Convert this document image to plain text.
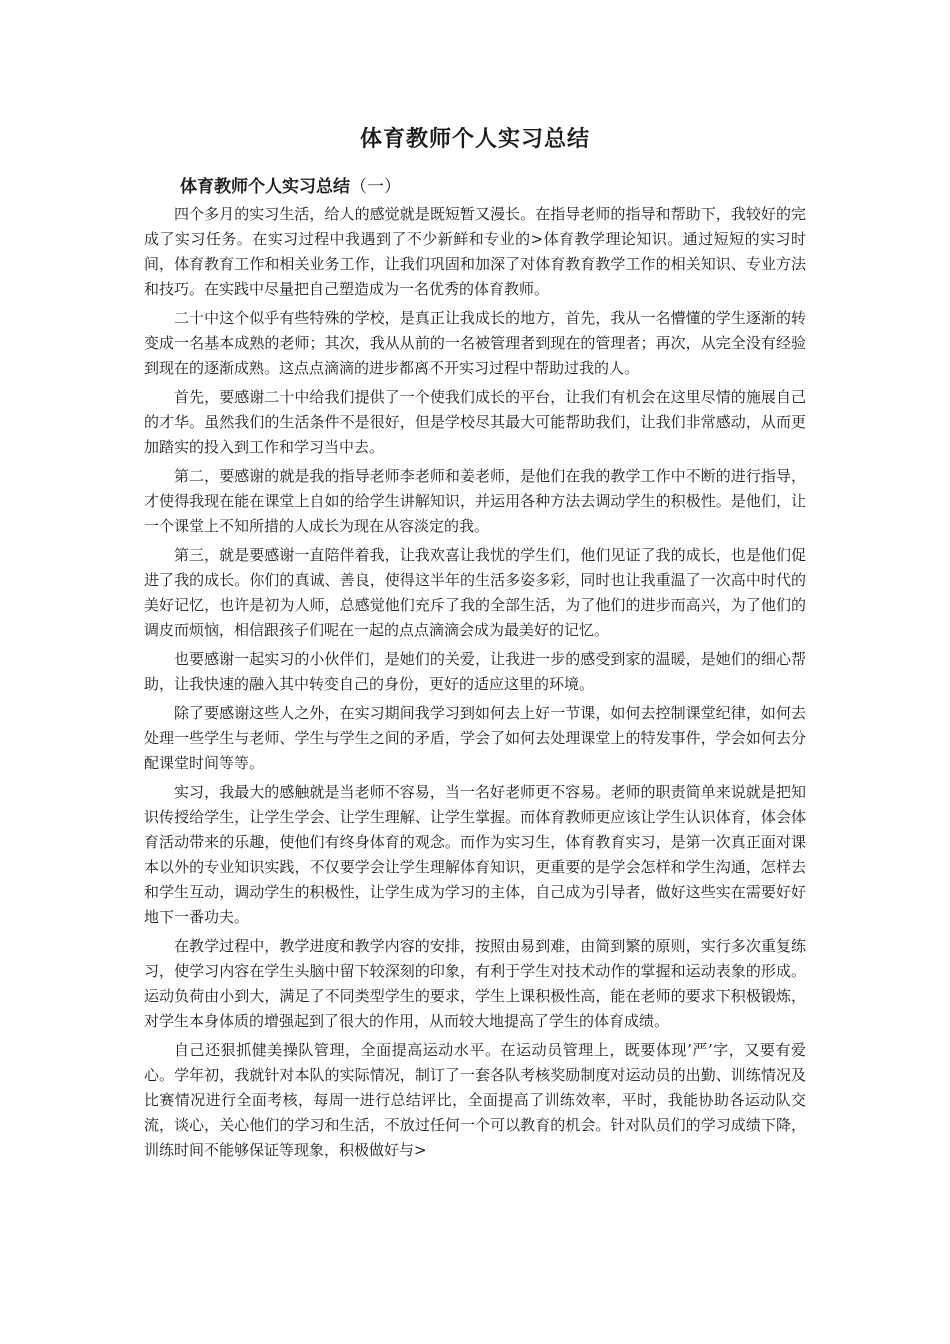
体育教师个人实习总结
体育教师个人实习总结（一）

四个多月的实习生活，给人的感觉就是既短暂又漫长。在指导老师的指导和帮助下，我较好的完成了实习任务。在实习过程中我遇到了不少新鲜和专业的>体育教学理论知识。通过短短的实习时间，体育教育工作和相关业务工作，让我们巩固和加深了对体育教育教学工作的相关知识、专业方法和技巧。在实践中尽量把自己塑造成为一名优秀的体育教师。

二十中这个似乎有些特殊的学校，是真正让我成长的地方，首先，我从一名懵懂的学生逐渐的转变成一名基本成熟的老师；其次，我从从前的一名被管理者到现在的管理者；再次，从完全没有经验到现在的逐渐成熟。这点点滴滴的进步都离不开实习过程中帮助过我的人。

首先，要感谢二十中给我们提供了一个使我们成长的平台，让我们有机会在这里尽情的施展自己的才华。虽然我们的生活条件不是很好，但是学校尽其最大可能帮助我们，让我们非常感动，从而更加踏实的投入到工作和学习当中去。

第二，要感谢的就是我的指导老师李老师和姜老师，是他们在我的教学工作中不断的进行指导，才使得我现在能在课堂上自如的给学生讲解知识，并运用各种方法去调动学生的积极性。是他们，让一个课堂上不知所措的人成长为现在从容淡定的我。

第三，就是要感谢一直陪伴着我，让我欢喜让我忧的学生们，他们见证了我的成长，也是他们促进了我的成长。你们的真诚、善良，使得这半年的生活多姿多彩，同时也让我重温了一次高中时代的美好记忆，也许是初为人师，总感觉他们充斥了我的全部生活，为了他们的进步而高兴，为了他们的调皮而烦恼，相信跟孩子们呢在一起的点点滴滴会成为最美好的记忆。

也要感谢一起实习的小伙伴们，是她们的关爱，让我进一步的感受到家的温暖，是她们的细心帮助，让我快速的融入其中转变自己的身份，更好的适应这里的环境。

除了要感谢这些人之外，在实习期间我学习到如何去上好一节课，如何去控制课堂纪律，如何去处理一些学生与老师、学生与学生之间的矛盾，学会了如何去处理课堂上的特发事件，学会如何去分配课堂时间等等。

实习，我最大的感触就是当老师不容易，当一名好老师更不容易。老师的职责简单来说就是把知识传授给学生，让学生学会、让学生理解、让学生掌握。而体育教师更应该让学生认识体育，体会体育活动带来的乐趣，使他们有终身体育的观念。而作为实习生，体育教育实习，是第一次真正面对课本以外的专业知识实践，不仅要学会让学生理解体育知识，更重要的是学会怎样和学生沟通，怎样去和学生互动，调动学生的积极性，让学生成为学习的主体，自己成为引导者，做好这些实在需要好好地下一番功夫。

在教学过程中，教学进度和教学内容的安排，按照由易到难，由简到繁的原则，实行多次重复练习，使学习内容在学生头脑中留下较深刻的印象，有利于学生对技术动作的掌握和运动表象的形成。运动负荷由小到大，满足了不同类型学生的要求，学生上课积极性高，能在老师的要求下积极锻炼，对学生本身体质的增强起到了很大的作用，从而较大地提高了学生的体育成绩。

自己还狠抓健美操队管理，全面提高运动水平。在运动员管理上，既要体现’严’字，又要有爱心。学年初，我就针对本队的实际情况，制订了一套各队考核奖励制度对运动员的出勤、训练情况及比赛情况进行全面考核，每周一进行总结评比，全面提高了训练效率，平时，我能协助各运动队交流，谈心，关心他们的学习和生活，不放过任何一个可以教育的机会。针对队员们的学习成绩下降，训练时间不能够保证等现象，积极做好与>
